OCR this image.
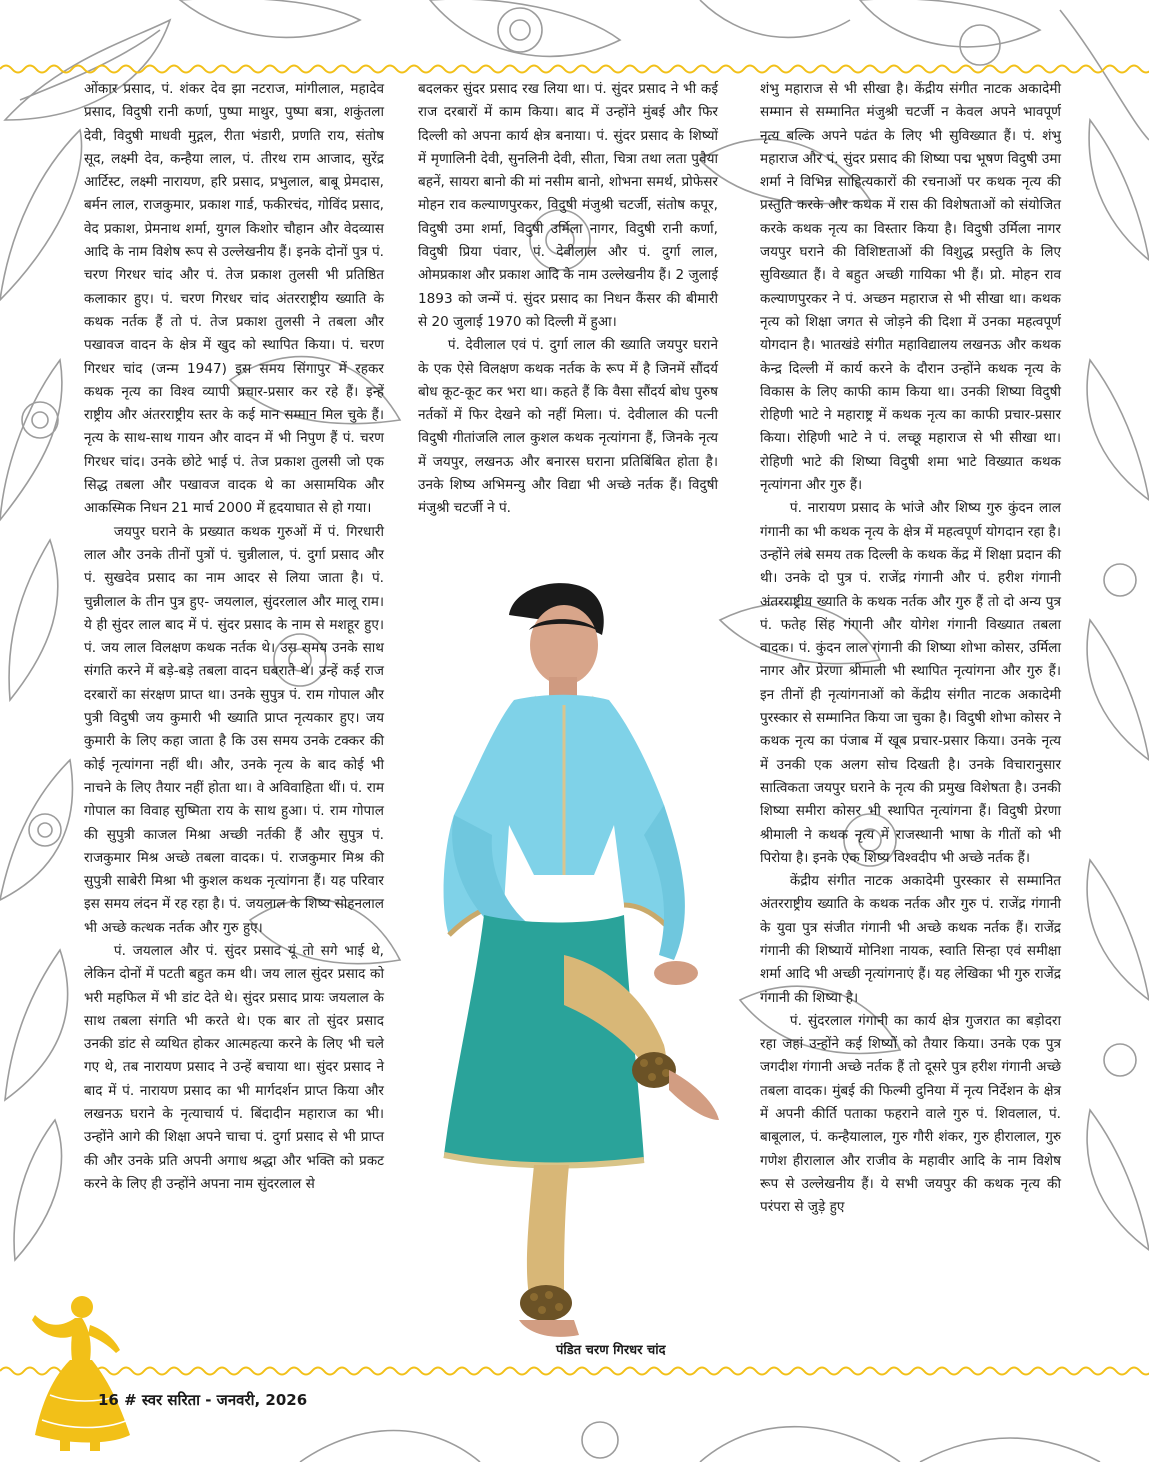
ओंकार प्रसाद, पं. शंकर देव झा नटराज, मांगीलाल, महादेव प्रसाद, विदुषी रानी कर्णा, पुष्पा माथुर, पुष्पा बत्रा, शकुंतला देवी, विदुषी माधवी मुद्गल, रीता भंडारी, प्रणति राय, संतोष सूद, लक्ष्मी देव, कन्हैया लाल, पं. तीरथ राम आजाद, सुरेंद्र आर्टिस्ट, लक्ष्मी नारायण, हरि प्रसाद, प्रभुलाल, बाबू प्रेमदास, बर्मन लाल, राजकुमार, प्रकाश गार्ड, फकीरचंद, गोविंद प्रसाद, वेद प्रकाश, प्रेमनाथ शर्मा, युगल किशोर चौहान और वेदव्यास आदि के नाम विशेष रूप से उल्लेखनीय हैं। इनके दोनों पुत्र पं. चरण गिरधर चांद और पं. तेज प्रकाश तुलसी भी प्रतिष्ठित कलाकार हुए। पं. चरण गिरधर चांद अंतरराष्ट्रीय ख्याति के कथक नर्तक हैं तो पं. तेज प्रकाश तुलसी ने तबला और पखावज वादन के क्षेत्र में खुद को स्थापित किया। पं. चरण गिरधर चांद (जन्म 1947) इस समय सिंगापुर में रहकर कथक नृत्य का विश्व व्यापी प्रचार-प्रसार कर रहे हैं। इन्हें राष्ट्रीय और अंतरराष्ट्रीय स्तर के कई मान सम्मान मिल चुके हैं। नृत्य के साथ-साथ गायन और वादन में भी निपुण हैं पं. चरण गिरधर चांद। उनके छोटे भाई पं. तेज प्रकाश तुलसी जो एक सिद्ध तबला और पखावज वादक थे का असामयिक और आकस्मिक निधन 21 मार्च 2000 में हृदयाघात से हो गया।

जयपुर घराने के प्रख्यात कथक गुरुओं में पं. गिरधारी लाल और उनके तीनों पुत्रों पं. चुन्नीलाल, पं. दुर्गा प्रसाद और पं. सुखदेव प्रसाद का नाम आदर से लिया जाता है। पं. चुन्नीलाल के तीन पुत्र हुए- जयलाल, सुंदरलाल और मालू राम। ये ही सुंदर लाल बाद में पं. सुंदर प्रसाद के नाम से मशहूर हुए। पं. जय लाल विलक्षण कथक नर्तक थे। उस समय उनके साथ संगति करने में बड़े-बड़े तबला वादन घबराते थे। उन्हें कई राज दरबारों का संरक्षण प्राप्त था। उनके सुपुत्र पं. राम गोपाल और पुत्री विदुषी जय कुमारी भी ख्याति प्राप्त नृत्यकार हुए। जय कुमारी के लिए कहा जाता है कि उस समय उनके टक्कर की कोई नृत्यांगना नहीं थी। और, उनके नृत्य के बाद कोई भी नाचने के लिए तैयार नहीं होता था। वे अविवाहिता थीं। पं. राम गोपाल का विवाह सुष्मिता राय के साथ हुआ। पं. राम गोपाल की सुपुत्री काजल मिश्रा अच्छी नर्तकी हैं और सुपुत्र पं. राजकुमार मिश्र अच्छे तबला वादक। पं. राजकुमार मिश्र की सुपुत्री साबेरी मिश्रा भी कुशल कथक नृत्यांगना हैं। यह परिवार इस समय लंदन में रह रहा है। पं. जयलाल के शिष्य सोहनलाल भी अच्छे कत्थक नर्तक और गुरु हुए।

पं. जयलाल और पं. सुंदर प्रसाद यूं तो सगे भाई थे, लेकिन दोनों में पटती बहुत कम थी। जय लाल सुंदर प्रसाद को भरी महफिल में भी डांट देते थे। सुंदर प्रसाद प्रायः जयलाल के साथ तबला संगति भी करते थे। एक बार तो सुंदर प्रसाद उनकी डांट से व्यथित होकर आत्महत्या करने के लिए भी चले गए थे, तब नारायण प्रसाद ने उन्हें बचाया था। सुंदर प्रसाद ने बाद में पं. नारायण प्रसाद का भी मार्गदर्शन प्राप्त किया और लखनऊ घराने के नृत्याचार्य पं. बिंदादीन महाराज का भी। उन्होंने आगे की शिक्षा अपने चाचा पं. दुर्गा प्रसाद से भी प्राप्त की और उनके प्रति अपनी अगाध श्रद्धा और भक्ति को प्रकट करने के लिए ही उन्होंने अपना नाम सुंदरलाल से

बदलकर सुंदर प्रसाद रख लिया था। पं. सुंदर प्रसाद ने भी कई राज दरबारों में काम किया। बाद में उन्होंने मुंबई और फिर दिल्ली को अपना कार्य क्षेत्र बनाया। पं. सुंदर प्रसाद के शिष्यों में मृणालिनी देवी, सुनलिनी देवी, सीता, चित्रा तथा लता पुवैया बहनें, सायरा बानो की मां नसीम बानो, शोभना समर्थ, प्रोफेसर मोहन राव कल्याणपुरकर, विदुषी मंजुश्री चटर्जी, संतोष कपूर, विदुषी उमा शर्मा, विदुषी उर्मिला नागर, विदुषी रानी कर्णा, विदुषी प्रिया पंवार, पं. देवीलाल और पं. दुर्गा लाल, ओमप्रकाश और प्रकाश आदि के नाम उल्लेखनीय हैं। 2 जुलाई 1893 को जन्में पं. सुंदर प्रसाद का निधन कैंसर की बीमारी से 20 जुलाई 1970 को दिल्ली में हुआ।

पं. देवीलाल एवं पं. दुर्गा लाल की ख्याति जयपुर घराने के एक ऐसे विलक्षण कथक नर्तक के रूप में है जिनमें सौंदर्य बोध कूट-कूट कर भरा था। कहते हैं कि वैसा सौंदर्य बोध पुरुष नर्तकों में फिर देखने को नहीं मिला। पं. देवीलाल की पत्नी विदुषी गीतांजलि लाल कुशल कथक नृत्यांगना हैं, जिनके नृत्य में जयपुर, लखनऊ और बनारस घराना प्रतिबिंबित होता है। उनके शिष्य अभिमन्यु और विद्या भी अच्छे नर्तक हैं। विदुषी मंजुश्री चटर्जी ने पं.

शंभु महाराज से भी सीखा है। केंद्रीय संगीत नाटक अकादेमी सम्मान से सम्मानित मंजुश्री चटर्जी न केवल अपने भावपूर्ण नृत्य बल्कि अपने पढंत के लिए भी सुविख्यात हैं। पं. शंभु महाराज और पं. सुंदर प्रसाद की शिष्या पद्म भूषण विदुषी उमा शर्मा ने विभिन्न साहित्यकारों की रचनाओं पर कथक नृत्य की प्रस्तुति करके और कथक में रास की विशेषताओं को संयोजित करके कथक नृत्य का विस्तार किया है। विदुषी उर्मिला नागर जयपुर घराने की विशिष्टताओं की विशुद्ध प्रस्तुति के लिए सुविख्यात हैं। वे बहुत अच्छी गायिका भी हैं। प्रो. मोहन राव कल्याणपुरकर ने पं. अच्छन महाराज से भी सीखा था। कथक नृत्य को शिक्षा जगत से जोड़ने की दिशा में उनका महत्वपूर्ण योगदान है। भातखंडे संगीत महाविद्यालय लखनऊ और कथक केन्द्र दिल्ली में कार्य करने के दौरान उन्होंने कथक नृत्य के विकास के लिए काफी काम किया था। उनकी शिष्या विदुषी रोहिणी भाटे ने महाराष्ट्र में कथक नृत्य का काफी प्रचार-प्रसार किया। रोहिणी भाटे ने पं. लच्छू महाराज से भी सीखा था। रोहिणी भाटे की शिष्या विदुषी शमा भाटे विख्यात कथक नृत्यांगना और गुरु हैं।

पं. नारायण प्रसाद के भांजे और शिष्य गुरु कुंदन लाल गंगानी का भी कथक नृत्य के क्षेत्र में महत्वपूर्ण योगदान रहा है। उन्होंने लंबे समय तक दिल्ली के कथक केंद्र में शिक्षा प्रदान की थी। उनके दो पुत्र पं. राजेंद्र गंगानी और पं. हरीश गंगानी अंतरराष्ट्रीय ख्याति के कथक नर्तक और गुरु हैं तो दो अन्य पुत्र पं. फतेह सिंह गंगानी और योगेश गंगानी विख्यात तबला वादक। पं. कुंदन लाल गंगानी की शिष्या शोभा कोसर, उर्मिला नागर और प्रेरणा श्रीमाली भी स्थापित नृत्यांगना और गुरु हैं। इन तीनों ही नृत्यांगनाओं को केंद्रीय संगीत नाटक अकादेमी पुरस्कार से सम्मानित किया जा चुका है। विदुषी शोभा कोसर ने कथक नृत्य का पंजाब में खूब प्रचार-प्रसार किया। उनके नृत्य में उनकी एक अलग सोच दिखती है। उनके विचारानुसार सात्विकता जयपुर घराने के नृत्य की प्रमुख विशेषता है। उनकी शिष्या समीरा कोसर भी स्थापित नृत्यांगना हैं। विदुषी प्रेरणा श्रीमाली ने कथक नृत्य में राजस्थानी भाषा के गीतों को भी पिरोया है। इनके एक शिष्य विश्वदीप भी अच्छे नर्तक हैं।

केंद्रीय संगीत नाटक अकादेमी पुरस्कार से सम्मानित अंतरराष्ट्रीय ख्याति के कथक नर्तक और गुरु पं. राजेंद्र गंगानी के युवा पुत्र संजीत गंगानी भी अच्छे कथक नर्तक हैं। राजेंद्र गंगानी की शिष्यायें मोनिशा नायक, स्वाति सिन्हा एवं समीक्षा शर्मा आदि भी अच्छी नृत्यांगनाएं हैं। यह लेखिका भी गुरु राजेंद्र गंगानी की शिष्या है।

पं. सुंदरलाल गंगानी का कार्य क्षेत्र गुजरात का बड़ोदरा रहा जहां उन्होंने कई शिष्यों को तैयार किया। उनके एक पुत्र जगदीश गंगानी अच्छे नर्तक हैं तो दूसरे पुत्र हरीश गंगानी अच्छे तबला वादक। मुंबई की फिल्मी दुनिया में नृत्य निर्देशन के क्षेत्र में अपनी कीर्ति पताका फहराने वाले गुरु पं. शिवलाल, पं. बाबूलाल, पं. कन्हैयालाल, गुरु गौरी शंकर, गुरु हीरालाल, गुरु गणेश हीरालाल और राजीव के महावीर आदि के नाम विशेष रूप से उल्लेखनीय हैं। ये सभी जयपुर की कथक नृत्य की परंपरा से जुड़े हुए

पंडित चरण गिरधर चांद
16 # स्वर सरिता - जनवरी, 2026
